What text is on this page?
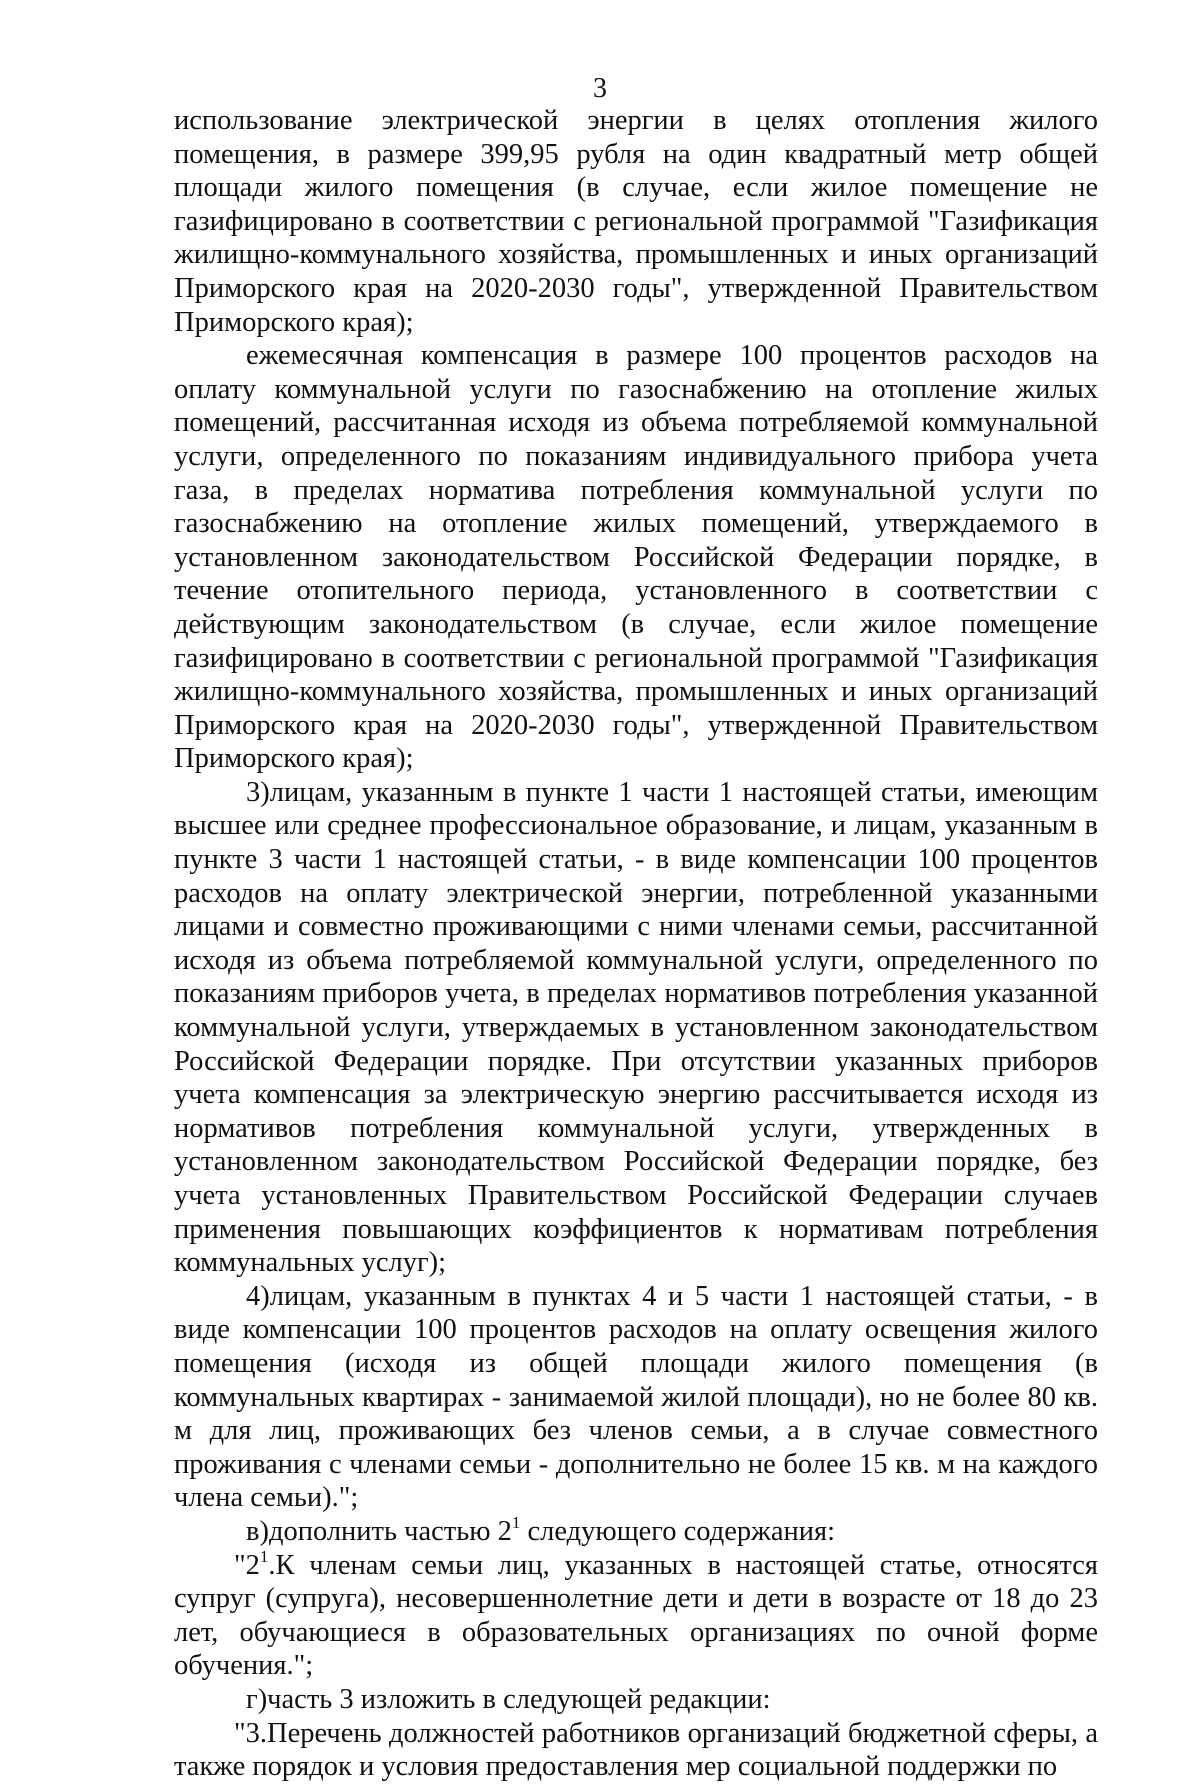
3

использование электрической энергии в целях отопления жилого помещения, в размере 399,95 рубля на один квадратный метр общей площади жилого помещения (в случае, если жилое помещение не газифицировано в соответствии с региональной программой "Газификация жилищно-коммунального хозяйства, промышленных и иных организаций Приморского края на 2020-2030 годы", утвержденной Правительством Приморского края);

ежемесячная компенсация в размере 100 процентов расходов на оплату коммунальной услуги по газоснабжению на отопление жилых помещений, рассчитанная исходя из объема потребляемой коммунальной услуги, определенного по показаниям индивидуального прибора учета газа, в пределах норматива потребления коммунальной услуги по газоснабжению на отопление жилых помещений, утверждаемого в установленном законодательством Российской Федерации порядке, в течение отопительного периода, установленного в соответствии с действующим законодательством (в случае, если жилое помещение газифицировано в соответствии с региональной программой "Газификация жилищно-коммунального хозяйства, промышленных и иных организаций Приморского края на 2020-2030 годы", утвержденной Правительством Приморского края);

3)лицам, указанным в пункте 1 части 1 настоящей статьи, имеющим высшее или среднее профессиональное образование, и лицам, указанным в пункте 3 части 1 настоящей статьи, - в виде компенсации 100 процентов расходов на оплату электрической энергии, потребленной указанными лицами и совместно проживающими с ними членами семьи, рассчитанной исходя из объема потребляемой коммунальной услуги, определенного по показаниям приборов учета, в пределах нормативов потребления указанной коммунальной услуги, утверждаемых в установленном законодательством Российской Федерации порядке. При отсутствии указанных приборов учета компенсация за электрическую энергию рассчитывается исходя из нормативов потребления коммунальной услуги, утвержденных в установленном законодательством Российской Федерации порядке, без учета установленных Правительством Российской Федерации случаев применения повышающих коэффициентов к нормативам потребления коммунальных услуг);

4)лицам, указанным в пунктах 4 и 5 части 1 настоящей статьи, - в виде компенсации 100 процентов расходов на оплату освещения жилого помещения (исходя из общей площади жилого помещения (в коммунальных квартирах - занимаемой жилой площади), но не более 80 кв. м для лиц, проживающих без членов семьи, а в случае совместного проживания с членами семьи - дополнительно не более 15 кв. м на каждого члена семьи).";

в)дополнить частью $2^1$ следующего содержания:

"$2^1.К$ членам семьи лиц, указанных в настоящей статье, относятся супруг (супруга), несовершеннолетние дети и дети в возрасте от 18 до 23 лет, обучающиеся в образовательных организациях по очной форме обучения.";

г)часть 3 изложить в следующей редакции:

"3.Перечень должностей работников организаций бюджетной сферы, а также порядок и условия предоставления мер социальной поддержки по
